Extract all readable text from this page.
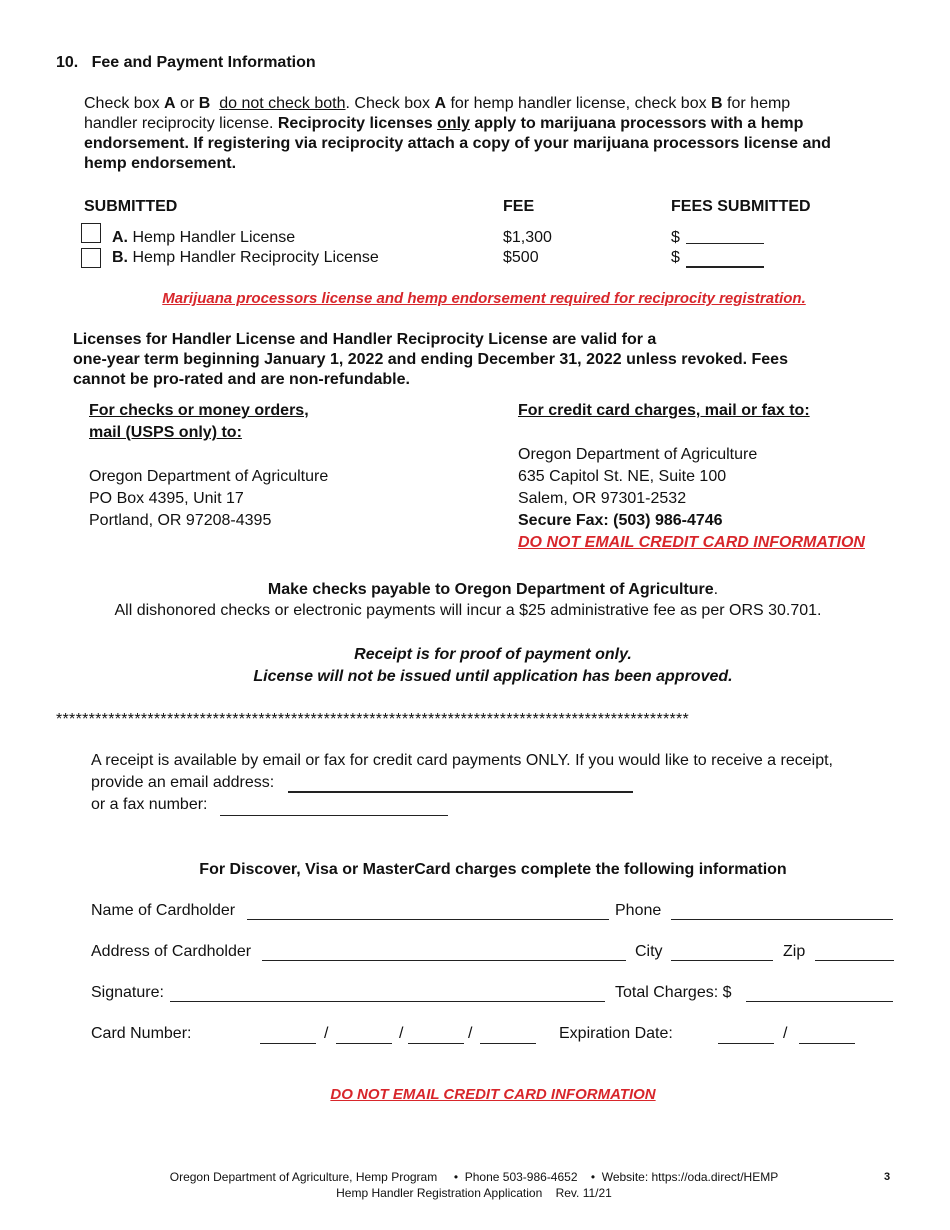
10. Fee and Payment Information
Check box A or B do not check both. Check box A for hemp handler license, check box B for hemp
handler reciprocity license. Reciprocity licenses only apply to marijuana processors with a hemp
endorsement. If registering via reciprocity attach a copy of your marijuana processors license and
hemp endorsement.
SUBMITTED	FEE	FEES SUBMITTED
A. Hemp Handler License	$1,300	$
B. Hemp Handler Reciprocity License	$500	$
Marijuana processors license and hemp endorsement required for reciprocity registration.
Licenses for Handler License and Handler Reciprocity License are valid for a
one-year term beginning January 1, 2022 and ending December 31, 2022 unless revoked. Fees
cannot be pro-rated and are non-refundable.
For checks or money orders,
mail (USPS only) to:
Oregon Department of Agriculture
PO Box 4395, Unit 17
Portland, OR 97208-4395
For credit card charges, mail or fax to:
Oregon Department of Agriculture
635 Capitol St. NE, Suite 100
Salem, OR 97301-2532
Secure Fax: (503) 986-4746
DO NOT EMAIL CREDIT CARD INFORMATION
Make checks payable to Oregon Department of Agriculture.
All dishonored checks or electronic payments will incur a $25 administrative fee as per ORS 30.701.
Receipt is for proof of payment only.
License will not be issued until application has been approved.
*************************************************************************************************
A receipt is available by email or fax for credit card payments ONLY. If you would like to receive a receipt,
provide an email address:
or a fax number:
For Discover, Visa or MasterCard charges complete the following information
Name of Cardholder	Phone
Address of Cardholder	City	Zip
Signature:	Total Charges: $
Card Number:	/	/	/	Expiration Date:	/
DO NOT EMAIL CREDIT CARD INFORMATION
Oregon Department of Agriculture, Hemp Program     •  Phone 503-986-4652    •  Website: https://oda.direct/HEMP
Hemp Handler Registration Application    Rev. 11/21
3
